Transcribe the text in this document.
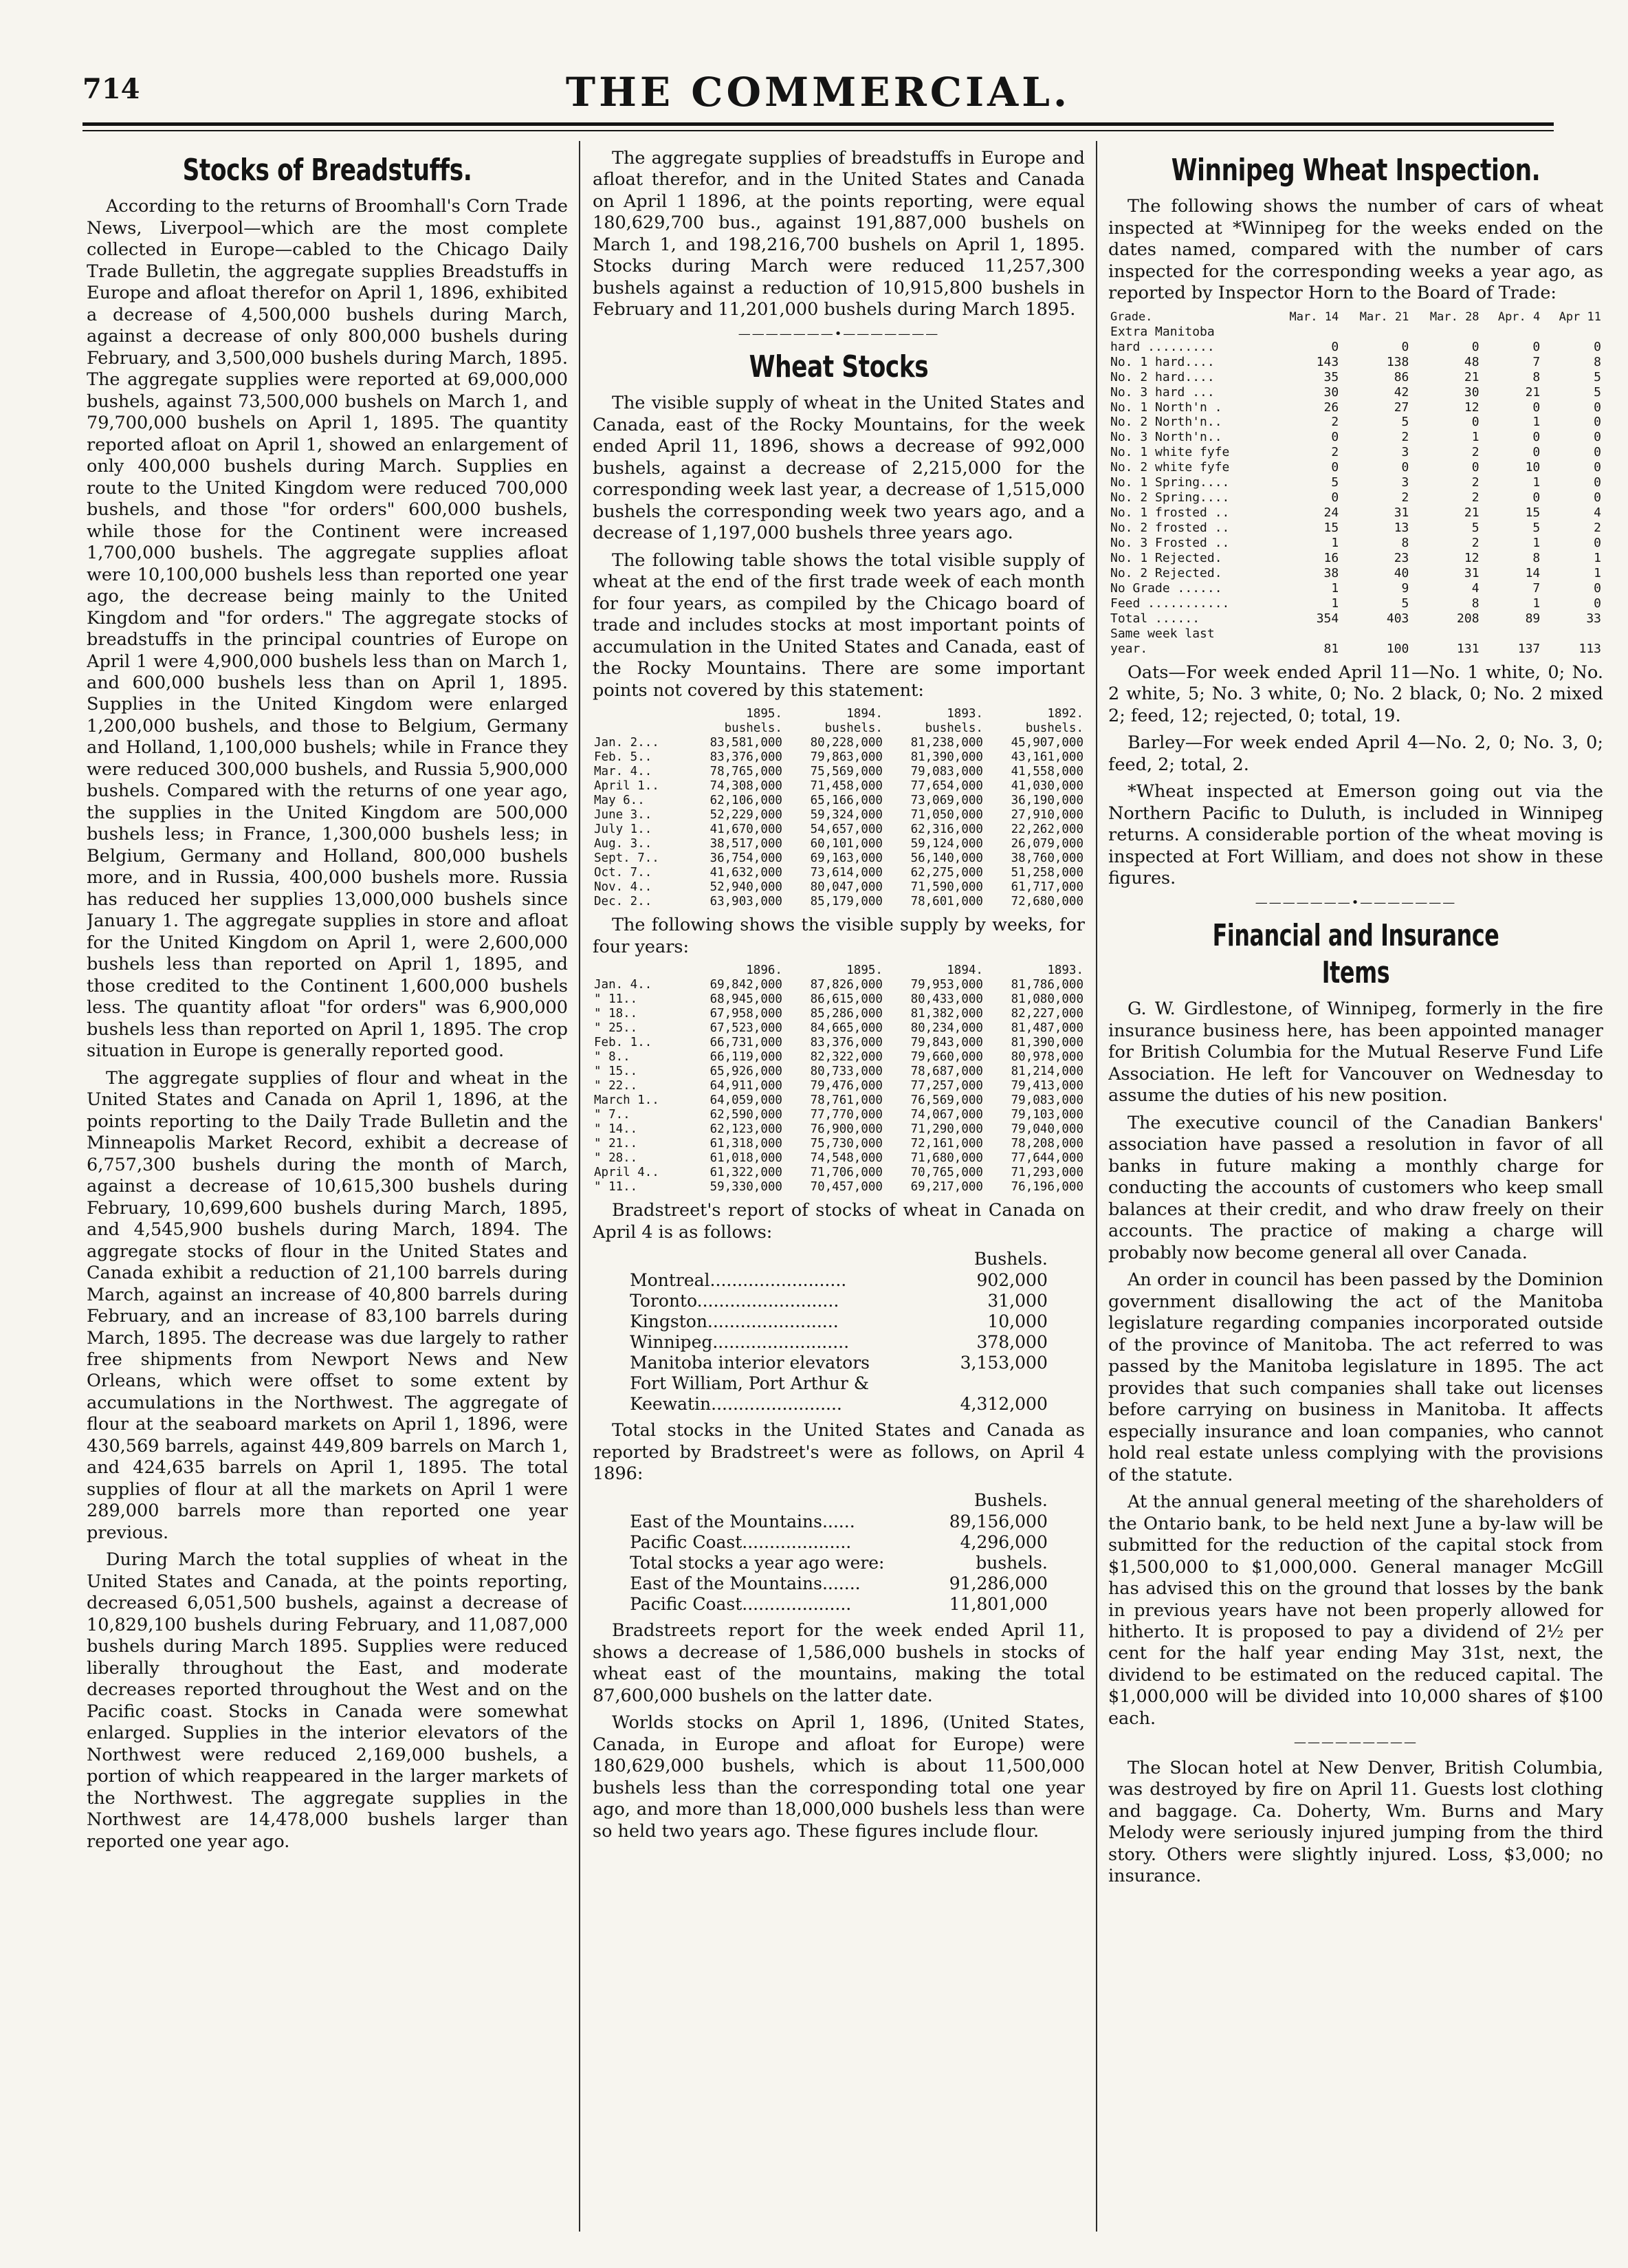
714	THE COMMERCIAL.
Stocks of Breadstuffs.

According to the returns of Broomhall's Corn Trade News, Liverpool—which are the most complete collected in Europe—cabled to the Chicago Daily Trade Bulletin, the aggregate supplies Breadstuffs in Europe and afloat therefor on April 1, 1896, exhibited a decrease of 4,500,000 bushels during March, against a decrease of only 800,000 bushels during February, and 3,500,000 bushels during March, 1895. The aggregate supplies were reported at 69,000,000 bushels, against 73,500,000 bushels on March 1, and 79,700,000 bushels on April 1, 1895. The quantity reported afloat on April 1, showed an enlargement of only 400,000 bushels during March. Supplies en route to the United Kingdom were reduced 700,000 bushels, and those "for orders" 600,000 bushels, while those for the Continent were increased 1,700,000 bushels. The aggregate supplies afloat were 10,100,000 bushels less than reported one year ago, the decrease being mainly to the United Kingdom and "for orders." The aggregate stocks of breadstuffs in the principal countries of Europe on April 1 were 4,900,000 bushels less than on March 1, and 600,000 bushels less than on April 1, 1895. Supplies in the United Kingdom were enlarged 1,200,000 bushels, and those to Belgium, Germany and Holland, 1,100,000 bushels; while in France they were reduced 300,000 bushels, and Russia 5,900,000 bushels. Compared with the returns of one year ago, the supplies in the United Kingdom are 500,000 bushels less; in France, 1,300,000 bushels less; in Belgium, Germany and Holland, 800,000 bushels more, and in Russia, 400,000 bushels more. Russia has reduced her supplies 13,000,000 bushels since January 1. The aggregate supplies in store and afloat for the United Kingdom on April 1, were 2,600,000 bushels less than reported on April 1, 1895, and those credited to the Continent 1,600,000 bushels less. The quantity afloat "for orders" was 6,900,000 bushels less than reported on April 1, 1895. The crop situation in Europe is generally reported good.

The aggregate supplies of flour and wheat in the United States and Canada on April 1, 1896, at the points reporting to the Daily Trade Bulletin and the Minneapolis Market Record, exhibit a decrease of 6,757,300 bushels during the month of March, against a decrease of 10,615,300 bushels during February, 10,699,600 bushels during March, 1895, and 4,545,900 bushels during March, 1894. The aggregate stocks of flour in the United States and Canada exhibit a reduction of 21,100 barrels during March, against an increase of 40,800 barrels during February, and an increase of 83,100 barrels during March, 1895. The decrease was due largely to rather free shipments from Newport News and New Orleans, which were offset to some extent by accumulations in the Northwest. The aggregate of flour at the seaboard markets on April 1, 1896, were 430,569 barrels, against 449,809 barrels on March 1, and 424,635 barrels on April 1, 1895. The total supplies of flour at all the markets on April 1 were 289,000 barrels more than reported one year previous.

During March the total supplies of wheat in the United States and Canada, at the points reporting, decreased 6,051,500 bushels, against a decrease of 10,829,100 bushels during February, and 11,087,000 bushels during March 1895. Supplies were reduced liberally throughout the East, and moderate decreases reported throughout the West and on the Pacific coast. Stocks in Canada were somewhat enlarged. Supplies in the interior elevators of the Northwest were reduced 2,169,000 bushels, a portion of which reappeared in the larger markets of the Northwest. The aggregate supplies in the Northwest are 14,478,000 bushels larger than reported one year ago.

The aggregate supplies of breadstuffs in Europe and afloat therefor, and in the United States and Canada on April 1 1896, at the points reporting, were equal 180,629,700 bus., against 191,887,000 bushels on March 1, and 198,216,700 bushels on April 1, 1895. Stocks during March were reduced 11,257,300 bushels against a reduction of 10,915,800 bushels in February and 11,201,000 bushels during March 1895.

———————•———————
Wheat Stocks

The visible supply of wheat in the United States and Canada, east of the Rocky Mountains, for the week ended April 11, 1896, shows a decrease of 992,000 bushels, against a decrease of 2,215,000 for the corresponding week last year, a decrease of 1,515,000 bushels the corresponding week two years ago, and a decrease of 1,197,000 bushels three years ago.

The following table shows the total visible supply of wheat at the end of the first trade week of each month for four years, as compiled by the Chicago board of trade and includes stocks at most important points of accumulation in the United States and Canada, east of the Rocky Mountains. There are some important points not covered by this statement:

	1895.	1894.	1893.	1892.
	bushels.	bushels.	bushels.	bushels.
Jan. 2...	83,581,000	80,228,000	81,238,000	45,907,000
Feb. 5..	83,376,000	79,863,000	81,390,000	43,161,000
Mar. 4..	78,765,000	75,569,000	79,083,000	41,558,000
April 1..	74,308,000	71,458,000	77,654,000	41,030,000
May 6..	62,106,000	65,166,000	73,069,000	36,190,000
June 3..	52,229,000	59,324,000	71,050,000	27,910,000
July 1..	41,670,000	54,657,000	62,316,000	22,262,000
Aug. 3..	38,517,000	60,101,000	59,124,000	26,079,000
Sept. 7..	36,754,000	69,163,000	56,140,000	38,760,000
Oct. 7..	41,632,000	73,614,000	62,275,000	51,258,000
Nov. 4..	52,940,000	80,047,000	71,590,000	61,717,000
Dec. 2..	63,903,000	85,179,000	78,601,000	72,680,000

The following shows the visible supply by weeks, for four years:

	1896.	1895.	1894.	1893.
Jan. 4..	69,842,000	87,826,000	79,953,000	81,786,000
" 11..	68,945,000	86,615,000	80,433,000	81,080,000
" 18..	67,958,000	85,286,000	81,382,000	82,227,000
" 25..	67,523,000	84,665,000	80,234,000	81,487,000
Feb. 1..	66,731,000	83,376,000	79,843,000	81,390,000
" 8..	66,119,000	82,322,000	79,660,000	80,978,000
" 15..	65,926,000	80,733,000	78,687,000	81,214,000
" 22..	64,911,000	79,476,000	77,257,000	79,413,000
March 1..	64,059,000	78,761,000	76,569,000	79,083,000
" 7..	62,590,000	77,770,000	74,067,000	79,103,000
" 14..	62,123,000	76,900,000	71,290,000	79,040,000
" 21..	61,318,000	75,730,000	72,161,000	78,208,000
" 28..	61,018,000	74,548,000	71,680,000	77,644,000
April 4..	61,322,000	71,706,000	70,765,000	71,293,000
" 11..	59,330,000	70,457,000	69,217,000	76,196,000

Bradstreet's report of stocks of wheat in Canada on April 4 is as follows:

	Bushels.
Montreal.........................	902,000
Toronto..........................	31,000
Kingston........................	10,000
Winnipeg.........................	378,000
Manitoba interior elevators	3,153,000
Fort William, Port Arthur &	
Keewatin........................	4,312,000

Total stocks in the United States and Canada as reported by Bradstreet's were as follows, on April 4 1896:

	Bushels.
East of the Mountains......	89,156,000
Pacific Coast....................	4,296,000
Total stocks a year ago were:	bushels.
East of the Mountains.......	91,286,000
Pacific Coast....................	11,801,000

Bradstreets report for the week ended April 11, shows a decrease of 1,586,000 bushels in stocks of wheat east of the mountains, making the total 87,600,000 bushels on the latter date.

Worlds stocks on April 1, 1896, (United States, Canada, in Europe and afloat for Europe) were 180,629,000 bushels, which is about 11,500,000 bushels less than the corresponding total one year ago, and more than 18,000,000 bushels less than were so held two years ago. These figures include flour.

Winnipeg Wheat Inspection.

The following shows the number of cars of wheat inspected at *Winnipeg for the weeks ended on the dates named, compared with the number of cars inspected for the corresponding weeks a year ago, as reported by Inspector Horn to the Board of Trade:

Grade.	Mar. 14	Mar. 21	Mar. 28	Apr. 4	Apr 11
Extra Manitoba					
hard .........	0	0	0	0	0
No. 1 hard....	143	138	48	7	8
No. 2 hard....	35	86	21	8	5
No. 3 hard ...	30	42	30	21	5
No. 1 North'n .	26	27	12	0	0
No. 2 North'n..	2	5	0	1	0
No. 3 North'n..	0	2	1	0	0
No. 1 white fyfe	2	3	2	0	0
No. 2 white fyfe	0	0	0	10	0
No. 1 Spring....	5	3	2	1	0
No. 2 Spring....	0	2	2	0	0
No. 1 frosted ..	24	31	21	15	4
No. 2 frosted ..	15	13	5	5	2
No. 3 Frosted ..	1	8	2	1	0
No. 1 Rejected.	16	23	12	8	1
No. 2 Rejected.	38	40	31	14	1
No Grade ......	1	9	4	7	0
Feed ...........	1	5	8	1	0
Total ......	354	403	208	89	33
Same week last					
year.	81	100	131	137	113

Oats—For week ended April 11—No. 1 white, 0; No. 2 white, 5; No. 3 white, 0; No. 2 black, 0; No. 2 mixed 2; feed, 12; rejected, 0; total, 19.

Barley—For week ended April 4—No. 2, 0; No. 3, 0; feed, 2; total, 2.

*Wheat inspected at Emerson going out via the Northern Pacific to Duluth, is included in Winnipeg returns. A considerable portion of the wheat moving is inspected at Fort William, and does not show in these figures.

———————•———————
Financial and Insurance Items

G. W. Girdlestone, of Winnipeg, formerly in the fire insurance business here, has been appointed manager for British Columbia for the Mutual Reserve Fund Life Association. He left for Vancouver on Wednesday to assume the duties of his new position.

The executive council of the Canadian Bankers' association have passed a resolution in favor of all banks in future making a monthly charge for conducting the accounts of customers who keep small balances at their credit, and who draw freely on their accounts. The practice of making a charge will probably now become general all over Canada.

An order in council has been passed by the Dominion government disallowing the act of the Manitoba legislature regarding companies incorporated outside of the province of Manitoba. The act referred to was passed by the Manitoba legislature in 1895. The act provides that such companies shall take out licenses before carrying on business in Manitoba. It affects especially insurance and loan companies, who cannot hold real estate unless complying with the provisions of the statute.

At the annual general meeting of the shareholders of the Ontario bank, to be held next June a by-law will be submitted for the reduction of the capital stock from $1,500,000 to $1,000,000. General manager McGill has advised this on the ground that losses by the bank in previous years have not been properly allowed for hitherto. It is proposed to pay a dividend of 2½ per cent for the half year ending May 31st, next, the dividend to be estimated on the reduced capital. The $1,000,000 will be divided into 10,000 shares of $100 each.

—————————

The Slocan hotel at New Denver, British Columbia, was destroyed by fire on April 11. Guests lost clothing and baggage. Ca. Doherty, Wm. Burns and Mary Melody were seriously injured jumping from the third story. Others were slightly injured. Loss, $3,000; no insurance.
